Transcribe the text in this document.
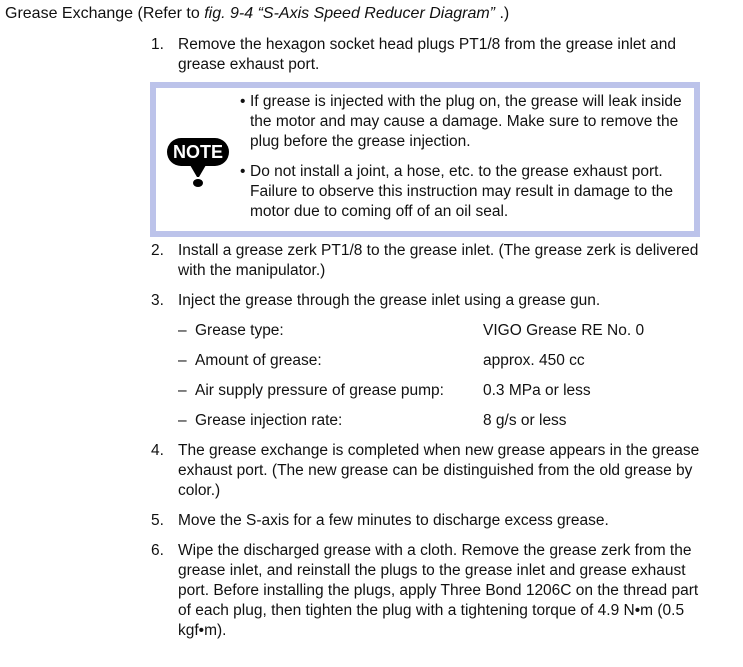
Grease Exchange (Refer to fig. 9-4 “S-Axis Speed Reducer Diagram” .)
1. Remove the hexagon socket head plugs PT1/8 from the grease inlet and grease exhaust port.
NOTE
• If grease is injected with the plug on, the grease will leak inside the motor and may cause a damage. Make sure to remove the plug before the grease injection.
• Do not install a joint, a hose, etc. to the grease exhaust port. Failure to observe this instruction may result in damage to the motor due to coming off of an oil seal.
2. Install a grease zerk PT1/8 to the grease inlet. (The grease zerk is delivered with the manipulator.)
3. Inject the grease through the grease inlet using a grease gun.
– Grease type:	VIGO Grease RE No. 0
– Amount of grease:	approx. 450 cc
– Air supply pressure of grease pump:	0.3 MPa or less
– Grease injection rate:	8 g/s or less
4. The grease exchange is completed when new grease appears in the grease exhaust port. (The new grease can be distinguished from the old grease by color.)
5. Move the S-axis for a few minutes to discharge excess grease.
6. Wipe the discharged grease with a cloth. Remove the grease zerk from the grease inlet, and reinstall the plugs to the grease inlet and grease exhaust port. Before installing the plugs, apply Three Bond 1206C on the thread part of each plug, then tighten the plug with a tightening torque of 4.9 N•m (0.5 kgf•m).
